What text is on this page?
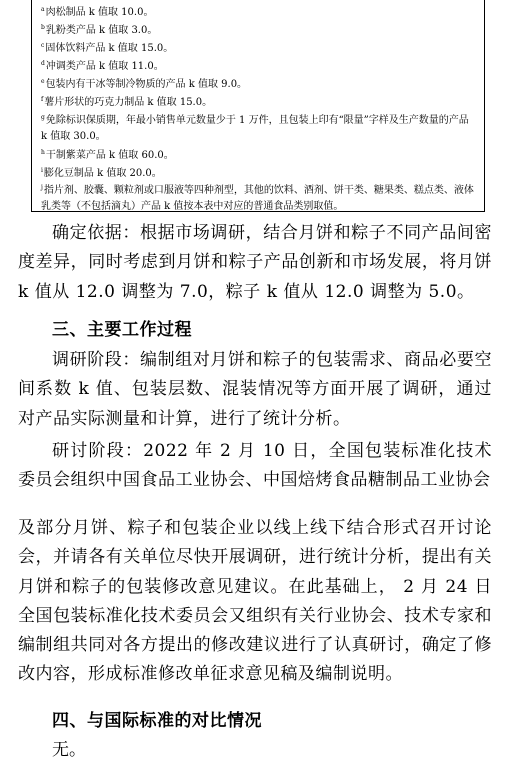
$^a$肉松制品 k 值取 10.0。
$^b$乳粉类产品 k 值取 3.0。
$^c$固体饮料产品 k 值取 15.0。
$^d$冲调类产品 k 值取 11.0。
$^e$包装内有干冰等制冷物质的产品 k 值取 9.0。
$^f$薯片形状的巧克力制品 k 值取 15.0。
$^g$免除标识保质期，年最小销售单元数量少于 1 万件，且包装上印有“限量”字样及生产数量的产品 k 值取 30.0。
$^h$干制紫菜产品 k 值取 60.0。
$^i$膨化豆制品 k 值取 20.0。
$^j$指片剂、胶囊、颗粒剂或口服液等四种剂型，其他的饮料、酒剂、饼干类、糖果类、糕点类、液体乳类等（不包括滴丸）产品 k 值按本表中对应的普通食品类别取值。

确定依据：根据市场调研，结合月饼和粽子不同产品间密度差异，同时考虑到月饼和粽子产品创新和市场发展，将月饼 k 值从 12.0 调整为 7.0，粽子 k 值从 12.0 调整为 5.0。

三、主要工作过程

调研阶段：编制组对月饼和粽子的包装需求、商品必要空间系数 k 值、包装层数、混装情况等方面开展了调研，通过对产品实际测量和计算，进行了统计分析。

研讨阶段：2022 年 2 月 10 日，全国包装标准化技术委员会组织中国食品工业协会、中国焙烤食品糖制品工业协会

及部分月饼、粽子和包装企业以线上线下结合形式召开讨论会，并请各有关单位尽快开展调研，进行统计分析，提出有关月饼和粽子的包装修改意见建议。在此基础上， 2 月 24 日全国包装标准化技术委员会又组织有关行业协会、技术专家和编制组共同对各方提出的修改建议进行了认真研讨，确定了修改内容，形成标准修改单征求意见稿及编制说明。

四、与国际标准的对比情况

无。
